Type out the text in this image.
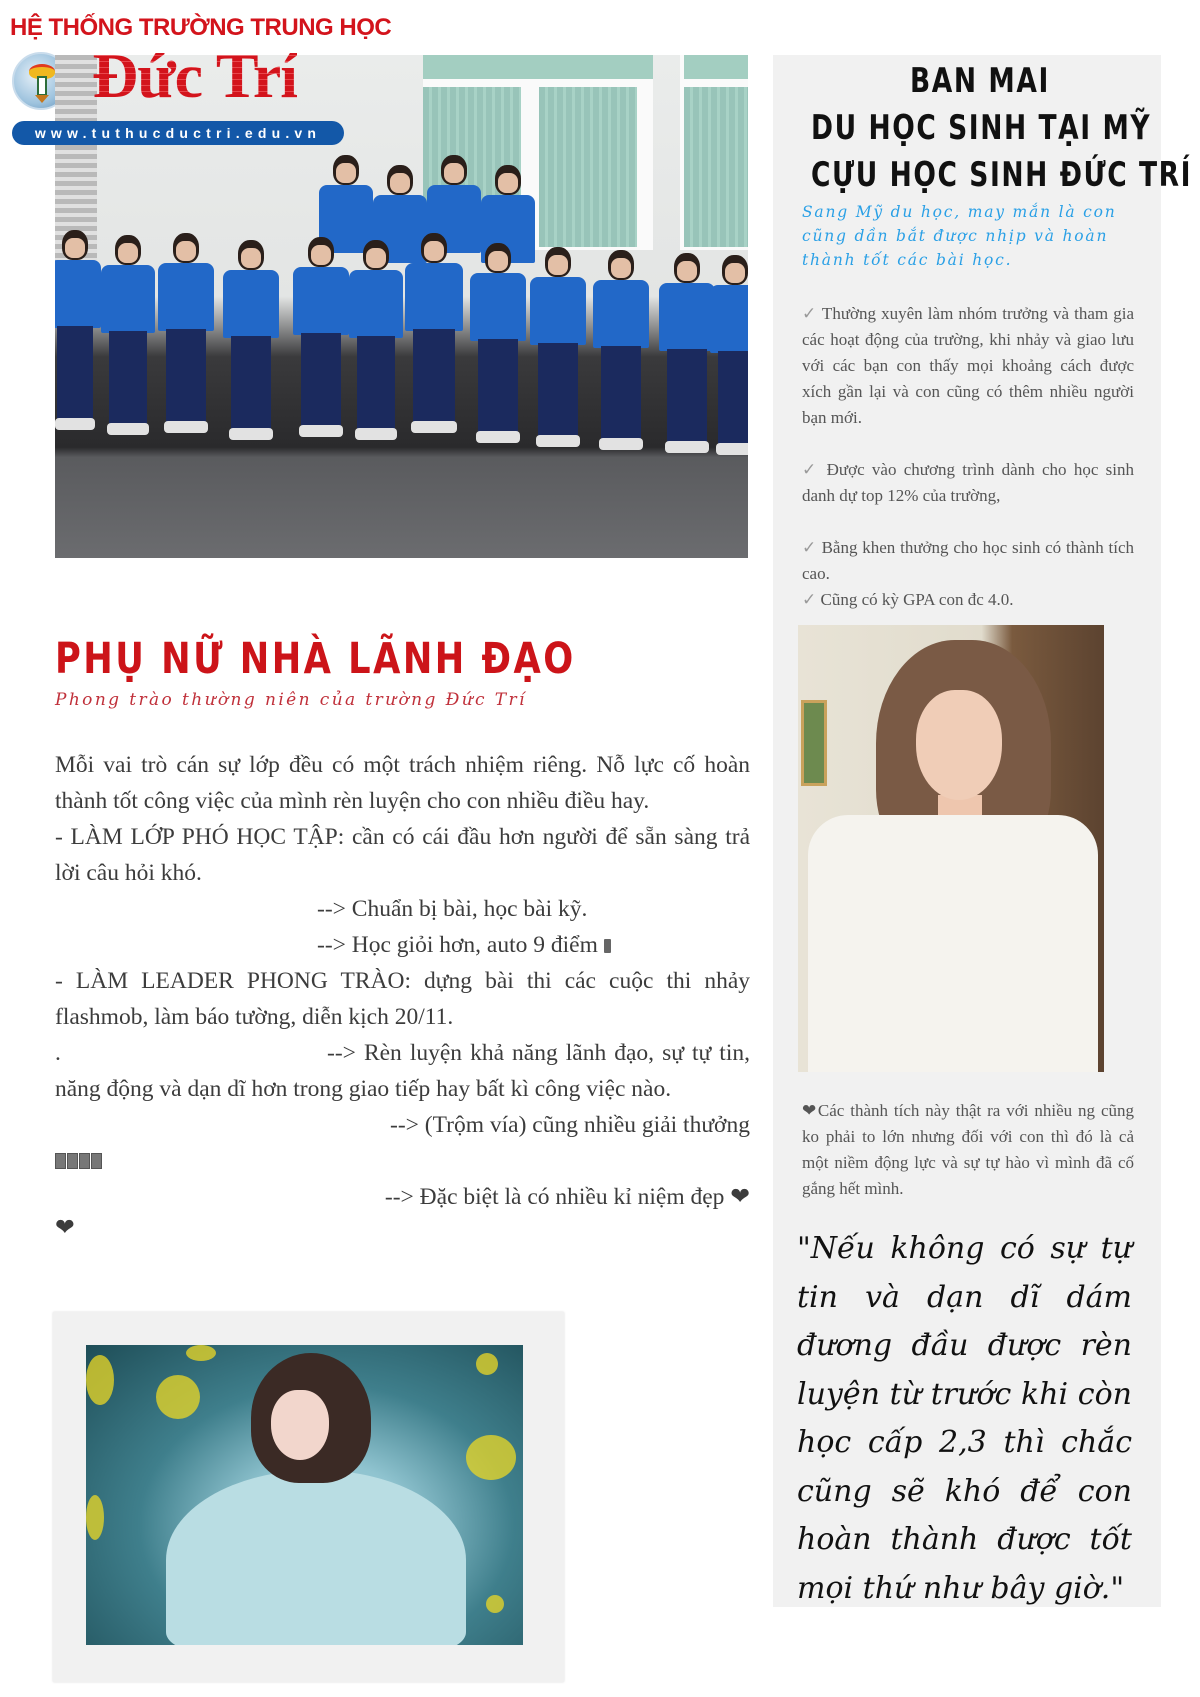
HỆ THỐNG TRƯỜNG TRUNG HỌC
Đức Trí
www.tuthucductri.edu.vn
PHỤ NỮ NHÀ LÃNH ĐẠO
Phong trào thường niên của trường Đức Trí

Mỗi vai trò cán sự lớp đều có một trách nhiệm riêng. Nỗ lực cố hoàn thành tốt công việc của mình rèn luyện cho con nhiều điều hay.

- LÀM LỚP PHÓ HỌC TẬP: cần có cái đầu hơn người để sẵn sàng trả lời câu hỏi khó.

--> Chuẩn bị bài, học bài kỹ.

--> Học giỏi hơn, auto 9 điểm

- LÀM LEADER PHONG TRÀO: dựng bài thi các cuộc thi nhảy flashmob, làm báo tường, diễn kịch 20/11.

.	--> Rèn luyện khả năng lãnh đạo, sự tự tin, năng động và dạn dĩ hơn trong giao tiếp hay bất kì công việc nào.

--> (Trộm vía) cũng nhiều giải thưởng

--> Đặc biệt là có nhiều kỉ niệm đẹp ❤

❤

BAN MAI
DU HỌC SINH TẠI MỸ
CỰU HỌC SINH ĐỨC TRÍ
Sang Mỹ du học, may mắn là con cũng dần bắt được nhịp và hoàn thành tốt các bài học.

✓ Thường xuyên làm nhóm trưởng và tham gia các hoạt động của trường, khi nhảy và giao lưu với các bạn con thấy mọi khoảng cách được xích gần lại và con cũng có thêm nhiều người bạn mới.

✓ Được vào chương trình dành cho học sinh danh dự top 12% của trường,

✓ Bằng khen thưởng cho học sinh có thành tích cao.

✓ Cũng có kỳ GPA con đc 4.0.

❤Các thành tích này thật ra với nhiều ng cũng ko phải to lớn nhưng đối với con thì đó là cả một niềm động lực và sự tự hào vì mình đã cố gắng hết mình.

"Nếu không có sự tự tin và dạn dĩ dám đương đầu được rèn luyện từ trước khi còn học cấp 2,3 thì chắc cũng sẽ khó để con hoàn thành được tốt mọi thứ như bây giờ."
